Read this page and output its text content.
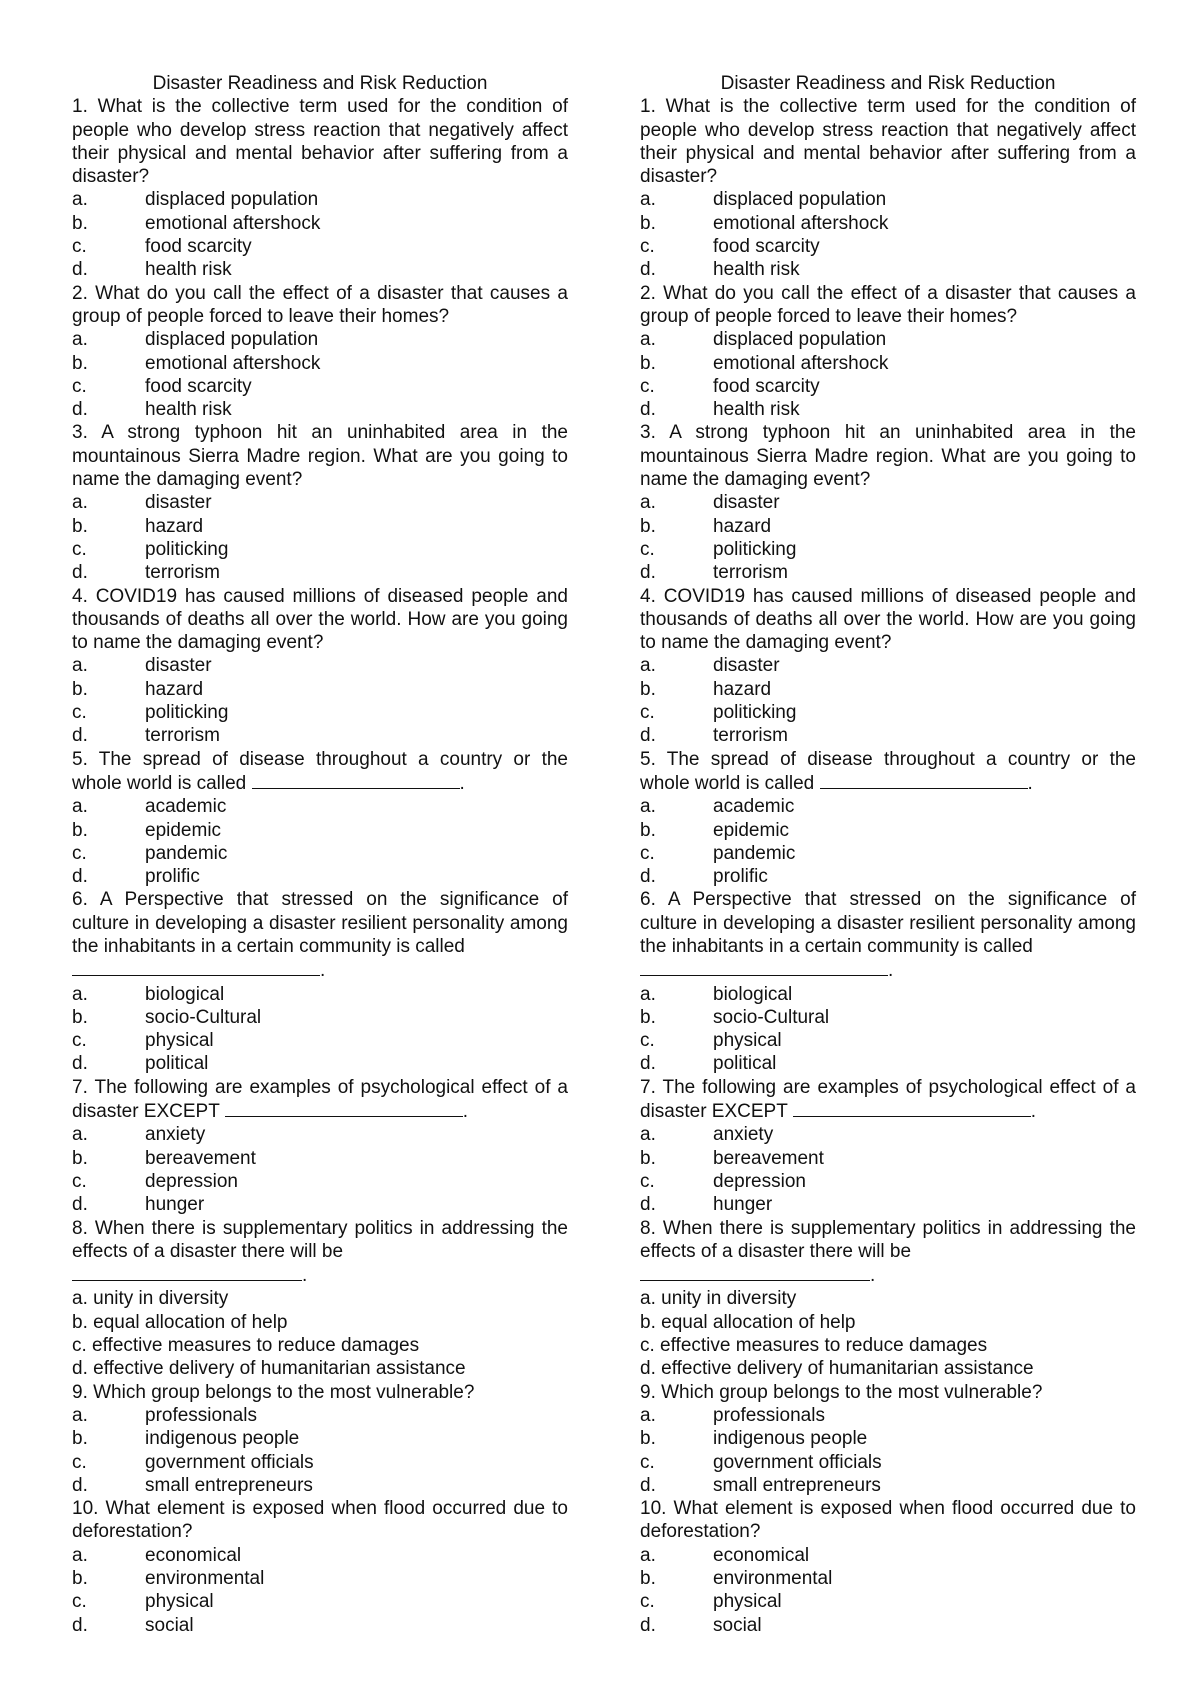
Disaster Readiness and Risk Reduction
1. What is the collective term used for the condition of people who develop stress reaction that negatively affect their physical and mental behavior after suffering from a disaster?
a.	displaced population
b.	emotional aftershock
c.	food scarcity
d.	health risk
2. What do you call the effect of a disaster that causes a group of people forced to leave their homes?
a.	displaced population
b.	emotional aftershock
c.	food scarcity
d.	health risk
3. A strong typhoon hit an uninhabited area in the mountainous Sierra Madre region. What are you going to name the damaging event?
a.	disaster
b.	hazard
c.	politicking
d.	terrorism
4. COVID19 has caused millions of diseased people and thousands of deaths all over the world. How are you going to name the damaging event?
a.	disaster
b.	hazard
c.	politicking
d.	terrorism
5. The spread of disease throughout a country or the whole world is called	.
a.	academic
b.	epidemic
c.	pandemic
d.	prolific
6. A Perspective that stressed on the significance of culture in developing a disaster resilient personality among the inhabitants in a certain community is called
.
a.	biological
b.	socio-Cultural
c.	physical
d.	political
7. The following are examples of psychological effect of a disaster EXCEPT	.
a.	anxiety
b.	bereavement
c.	depression
d.	hunger
8. When there is supplementary politics in addressing the effects of a disaster there will be
.
a. unity in diversity
b. equal allocation of help
c. effective measures to reduce damages
d. effective delivery of humanitarian assistance
9. Which group belongs to the most vulnerable?
a.	professionals
b.	indigenous people
c.	government officials
d.	small entrepreneurs
10. What element is exposed when flood occurred due to deforestation?
a.	economical
b.	environmental
c.	physical
d.	social
Disaster Readiness and Risk Reduction
1. What is the collective term used for the condition of people who develop stress reaction that negatively affect their physical and mental behavior after suffering from a disaster?
a.	displaced population
b.	emotional aftershock
c.	food scarcity
d.	health risk
2. What do you call the effect of a disaster that causes a group of people forced to leave their homes?
a.	displaced population
b.	emotional aftershock
c.	food scarcity
d.	health risk
3. A strong typhoon hit an uninhabited area in the mountainous Sierra Madre region. What are you going to name the damaging event?
a.	disaster
b.	hazard
c.	politicking
d.	terrorism
4. COVID19 has caused millions of diseased people and thousands of deaths all over the world. How are you going to name the damaging event?
a.	disaster
b.	hazard
c.	politicking
d.	terrorism
5. The spread of disease throughout a country or the whole world is called	.
a.	academic
b.	epidemic
c.	pandemic
d.	prolific
6. A Perspective that stressed on the significance of culture in developing a disaster resilient personality among the inhabitants in a certain community is called
.
a.	biological
b.	socio-Cultural
c.	physical
d.	political
7. The following are examples of psychological effect of a disaster EXCEPT	.
a.	anxiety
b.	bereavement
c.	depression
d.	hunger
8. When there is supplementary politics in addressing the effects of a disaster there will be
.
a. unity in diversity
b. equal allocation of help
c. effective measures to reduce damages
d. effective delivery of humanitarian assistance
9. Which group belongs to the most vulnerable?
a.	professionals
b.	indigenous people
c.	government officials
d.	small entrepreneurs
10. What element is exposed when flood occurred due to deforestation?
a.	economical
b.	environmental
c.	physical
d.	social
